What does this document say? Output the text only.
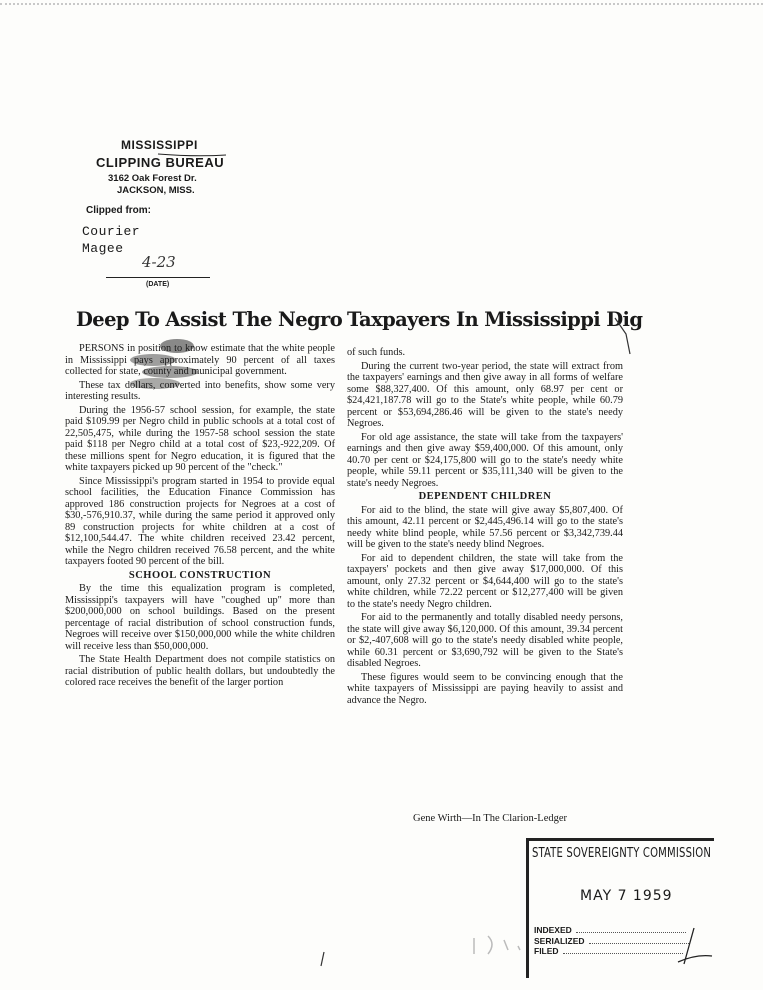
MISSISSIPPI
CLIPPING BUREAU
3162 Oak Forest Dr.
JACKSON, MISS.
Clipped from:
Courier
Magee
4-23
(DATE)
Deep To Assist The Negro Taxpayers In Mississippi Dig

PERSONS in position to know estimate that the white people in Mississippi pays approximately 90 percent of all taxes collected for state, county and municipal government.

These tax dollars, converted into benefits, show some very interesting results.

During the 1956-57 school session, for example, the state paid $109.99 per Negro child in public schools at a total cost of 22,505,475, while during the 1957-58 school session the state paid $118 per Negro child at a total cost of $23,-922,209. Of these millions spent for Negro education, it is figured that the white taxpayers picked up 90 percent of the "check."

Since Mississippi's program started in 1954 to provide equal school facilities, the Education Finance Commission has approved 186 construction projects for Negroes at a cost of $30,-576,910.37, while during the same period it approved only 89 construction projects for white children at a cost of $12,100,544.47. The white children received 23.42 percent, while the Negro children received 76.58 percent, and the white taxpayers footed 90 percent of the bill.

SCHOOL CONSTRUCTION

By the time this equalization program is completed, Mississippi's taxpayers will have "coughed up" more than $200,000,000 on school buildings. Based on the present percentage of racial distribution of school construction funds, Negroes will receive over $150,000,000 while the white children will receive less than $50,000,000.

The State Health Department does not compile statistics on racial distribution of public health dollars, but undoubtedly the colored race receives the benefit of the larger portion

of such funds.

During the current two-year period, the state will extract from the taxpayers' earnings and then give away in all forms of welfare some $88,327,400. Of this amount, only 68.97 per cent or $24,421,187.78 will go to the State's white people, while 60.79 percent or $53,694,286.46 will be given to the state's needy Negroes.

For old age assistance, the state will take from the taxpayers' earnings and then give away $59,400,000. Of this amount, only 40.70 per cent or $24,175,800 will go to the state's needy white people, while 59.11 percent or $35,111,340 will be given to the state's needy Negroes.

DEPENDENT CHILDREN

For aid to the blind, the state will give away $5,807,400. Of this amount, 42.11 percent or $2,445,496.14 will go to the state's needy white blind people, while 57.56 percent or $3,342,739.44 will be given to the state's needy blind Negroes.

For aid to dependent children, the state will take from the taxpayers' pockets and then give away $17,000,000. Of this amount, only 27.32 percent or $4,644,400 will go to the state's white children, while 72.22 percent or $12,277,400 will be given to the state's needy Negro children.

For aid to the permanently and totally disabled needy persons, the state will give away $6,120,000. Of this amount, 39.34 percent or $2,-407,608 will go to the state's needy disabled white people, while 60.31 percent or $3,690,792 will be given to the State's disabled Negroes.

These figures would seem to be convincing enough that the white taxpayers of Mississippi are paying heavily to assist and advance the Negro.

Gene Wirth—In The Clarion-Ledger
STATE SOVEREIGNTY COMMISSION
MAY 7 1959
INDEXED
SERIALIZED
FILED
